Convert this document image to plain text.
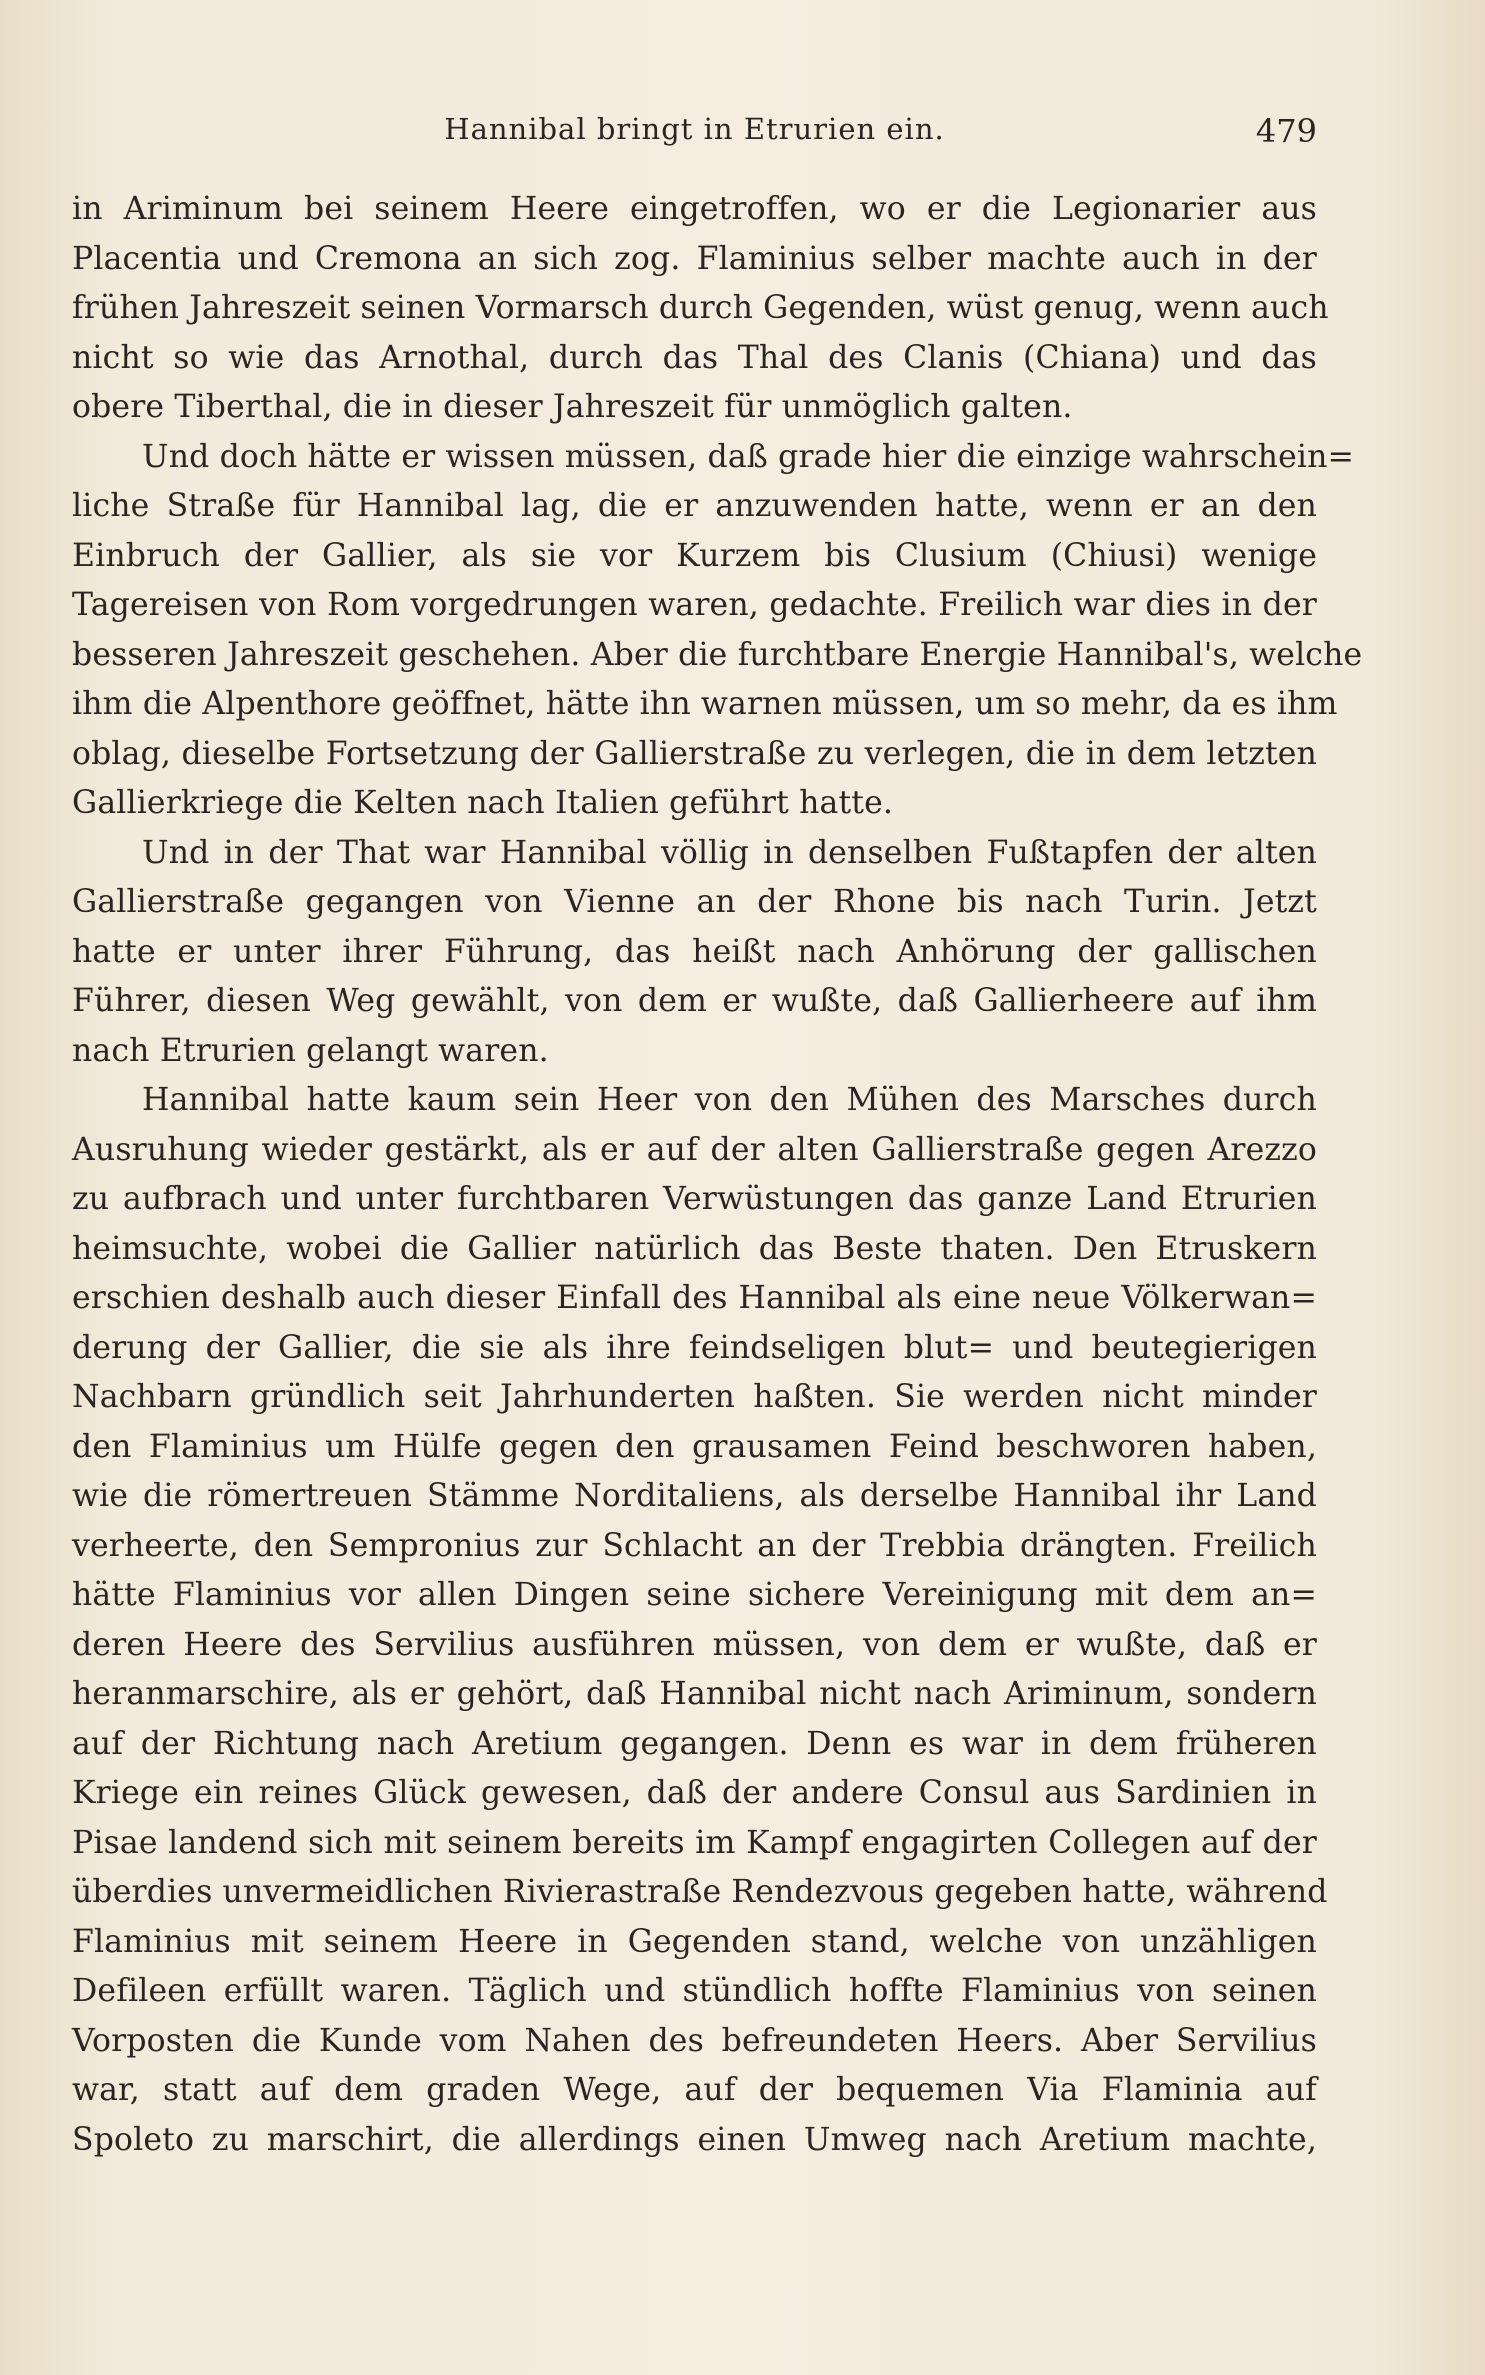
Hannibal bringt in Etrurien ein.	479
in Ariminum bei seinem Heere eingetroffen, wo er die Legionarier aus
Placentia und Cremona an sich zog. Flaminius selber machte auch in der
frühen Jahreszeit seinen Vormarsch durch Gegenden, wüst genug, wenn auch
nicht so wie das Arnothal, durch das Thal des Clanis (Chiana) und das
obere Tiberthal, die in dieser Jahreszeit für unmöglich galten.
Und doch hätte er wissen müssen, daß grade hier die einzige wahrschein=
liche Straße für Hannibal lag, die er anzuwenden hatte, wenn er an den
Einbruch der Gallier, als sie vor Kurzem bis Clusium (Chiusi) wenige
Tagereisen von Rom vorgedrungen waren, gedachte. Freilich war dies in der
besseren Jahreszeit geschehen. Aber die furchtbare Energie Hannibal's, welche
ihm die Alpenthore geöffnet, hätte ihn warnen müssen, um so mehr, da es ihm
oblag, dieselbe Fortsetzung der Gallierstraße zu verlegen, die in dem letzten
Gallierkriege die Kelten nach Italien geführt hatte.
Und in der That war Hannibal völlig in denselben Fußtapfen der alten
Gallierstraße gegangen von Vienne an der Rhone bis nach Turin. Jetzt
hatte er unter ihrer Führung, das heißt nach Anhörung der gallischen
Führer, diesen Weg gewählt, von dem er wußte, daß Gallierheere auf ihm
nach Etrurien gelangt waren.
Hannibal hatte kaum sein Heer von den Mühen des Marsches durch
Ausruhung wieder gestärkt, als er auf der alten Gallierstraße gegen Arezzo
zu aufbrach und unter furchtbaren Verwüstungen das ganze Land Etrurien
heimsuchte, wobei die Gallier natürlich das Beste thaten. Den Etruskern
erschien deshalb auch dieser Einfall des Hannibal als eine neue Völkerwan=
derung der Gallier, die sie als ihre feindseligen blut= und beutegierigen
Nachbarn gründlich seit Jahrhunderten haßten. Sie werden nicht minder
den Flaminius um Hülfe gegen den grausamen Feind beschworen haben,
wie die römertreuen Stämme Norditaliens, als derselbe Hannibal ihr Land
verheerte, den Sempronius zur Schlacht an der Trebbia drängten. Freilich
hätte Flaminius vor allen Dingen seine sichere Vereinigung mit dem an=
deren Heere des Servilius ausführen müssen, von dem er wußte, daß er
heranmarschire, als er gehört, daß Hannibal nicht nach Ariminum, sondern
auf der Richtung nach Aretium gegangen. Denn es war in dem früheren
Kriege ein reines Glück gewesen, daß der andere Consul aus Sardinien in
Pisae landend sich mit seinem bereits im Kampf engagirten Collegen auf der
überdies unvermeidlichen Rivierastraße Rendezvous gegeben hatte, während
Flaminius mit seinem Heere in Gegenden stand, welche von unzähligen
Defileen erfüllt waren. Täglich und stündlich hoffte Flaminius von seinen
Vorposten die Kunde vom Nahen des befreundeten Heers. Aber Servilius
war, statt auf dem graden Wege, auf der bequemen Via Flaminia auf
Spoleto zu marschirt, die allerdings einen Umweg nach Aretium machte,
